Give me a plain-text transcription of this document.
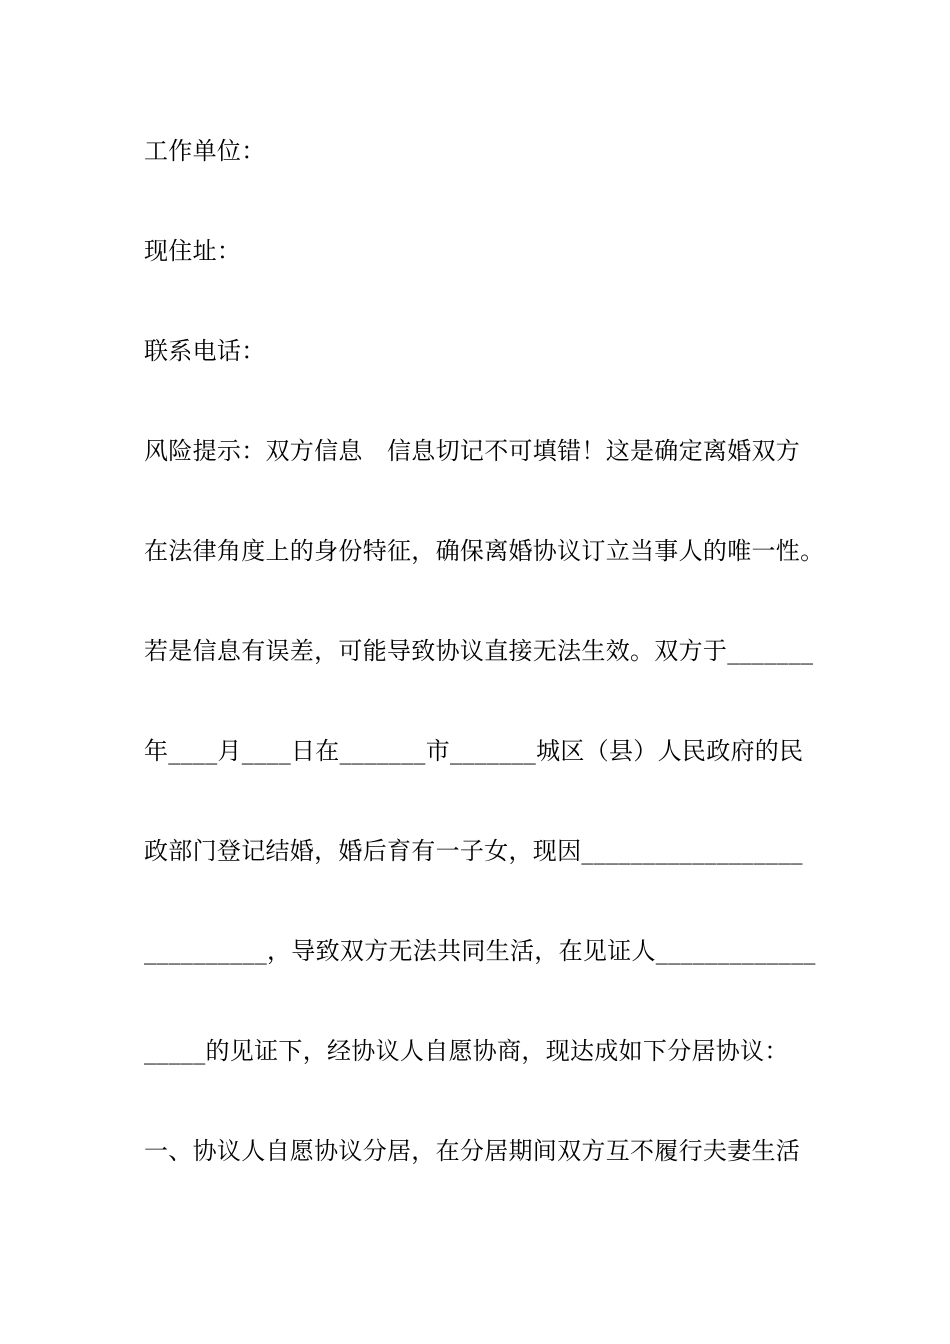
工作单位：
现住址：
联系电话：
风险提示：双方信息　信息切记不可填错！这是确定离婚双方
在法律角度上的身份特征，确保离婚协议订立当事人的唯一性。
若是信息有误差，可能导致协议直接无法生效。双方于_______
年____月____日在_______市_______城区（县）人民政府的民
政部门登记结婚，婚后育有一子女，现因__________________
__________，导致双方无法共同生活，在见证人_____________
_____的见证下，经协议人自愿协商，现达成如下分居协议：
一、协议人自愿协议分居，在分居期间双方互不履行夫妻生活
